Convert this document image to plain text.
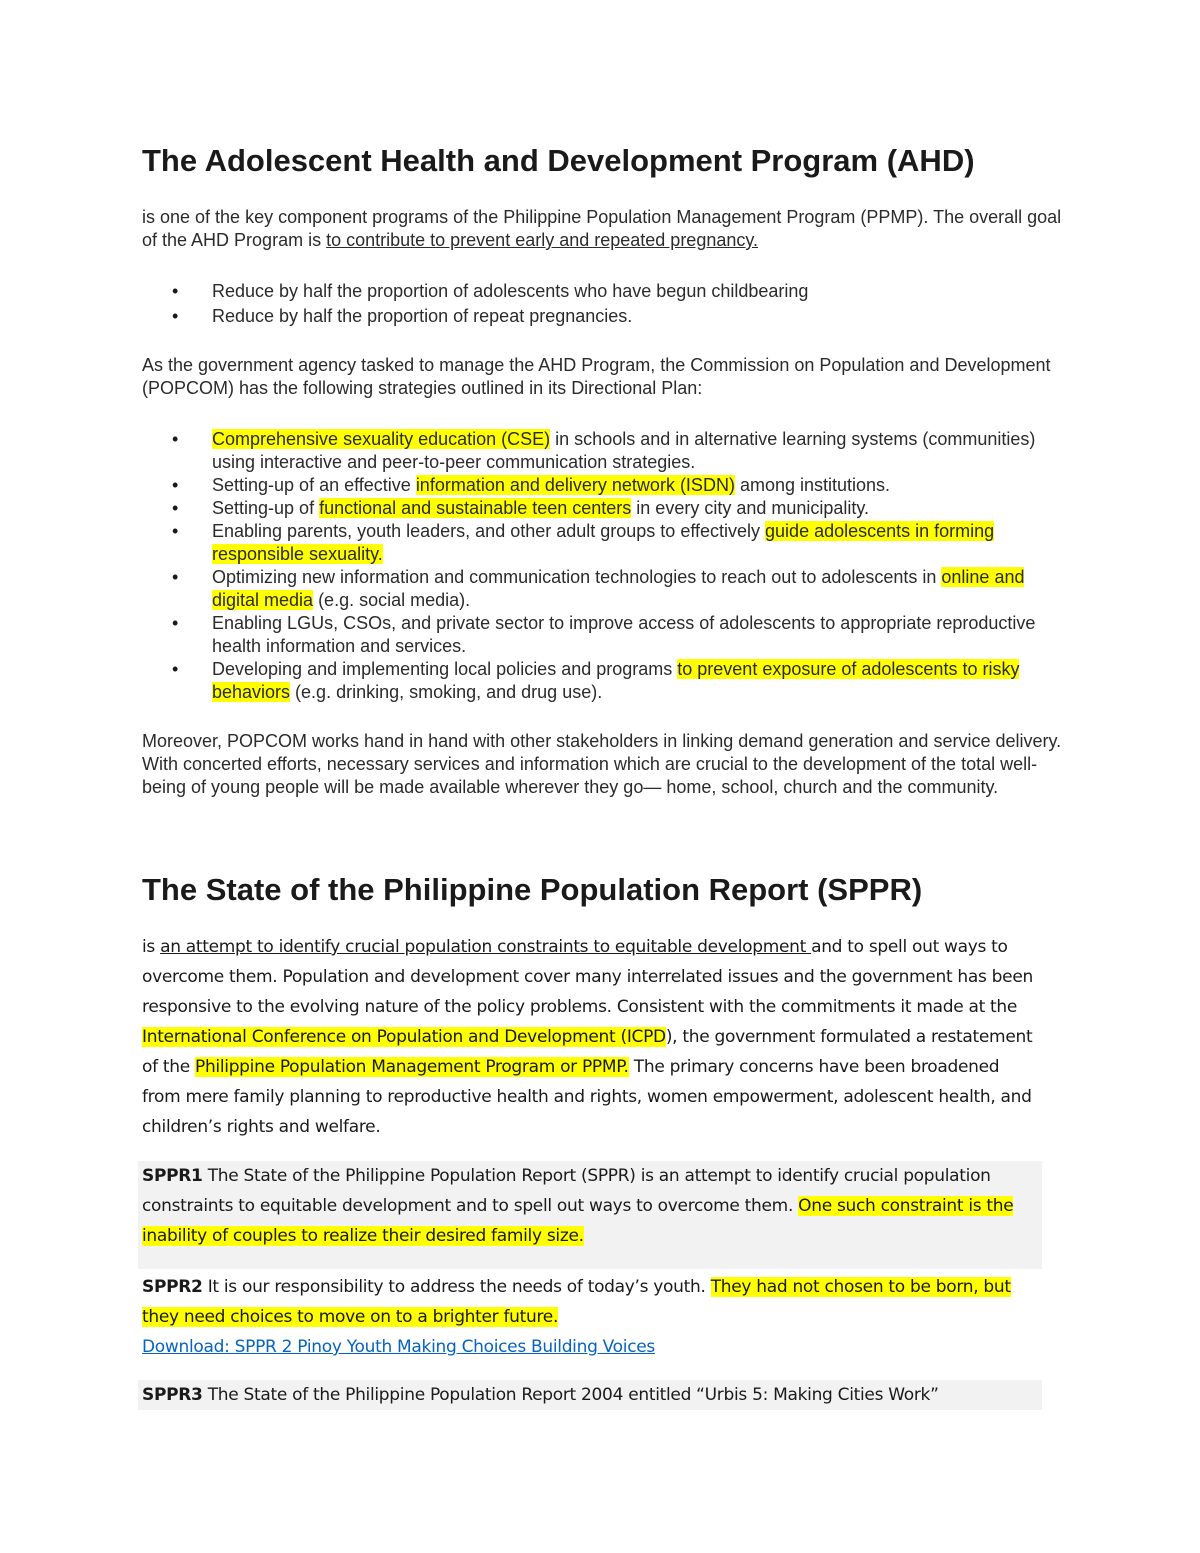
The Adolescent Health and Development Program (AHD)
is one of the key component programs of the Philippine Population Management Program (PPMP). The overall goal of the AHD Program is to contribute to prevent early and repeated pregnancy.
• Reduce by half the proportion of adolescents who have begun childbearing
• Reduce by half the proportion of repeat pregnancies.
As the government agency tasked to manage the AHD Program, the Commission on Population and Development (POPCOM) has the following strategies outlined in its Directional Plan:
• Comprehensive sexuality education (CSE) in schools and in alternative learning systems (communities) using interactive and peer-to-peer communication strategies.
• Setting-up of an effective information and delivery network (ISDN) among institutions.
• Setting-up of functional and sustainable teen centers in every city and municipality.
• Enabling parents, youth leaders, and other adult groups to effectively guide adolescents in forming responsible sexuality.
• Optimizing new information and communication technologies to reach out to adolescents in online and digital media (e.g. social media).
• Enabling LGUs, CSOs, and private sector to improve access of adolescents to appropriate reproductive health information and services.
• Developing and implementing local policies and programs to prevent exposure of adolescents to risky behaviors (e.g. drinking, smoking, and drug use).
Moreover, POPCOM works hand in hand with other stakeholders in linking demand generation and service delivery. With concerted efforts, necessary services and information which are crucial to the development of the total well-being of young people will be made available wherever they go— home, school, church and the community.
The State of the Philippine Population Report (SPPR)
is an attempt to identify crucial population constraints to equitable development and to spell out ways to overcome them. Population and development cover many interrelated issues and the government has been responsive to the evolving nature of the policy problems. Consistent with the commitments it made at the International Conference on Population and Development (ICPD), the government formulated a restatement of the Philippine Population Management Program or PPMP. The primary concerns have been broadened from mere family planning to reproductive health and rights, women empowerment, adolescent health, and children’s rights and welfare.
SPPR1 The State of the Philippine Population Report (SPPR) is an attempt to identify crucial population constraints to equitable development and to spell out ways to overcome them. One such constraint is the inability of couples to realize their desired family size.
SPPR2 It is our responsibility to address the needs of today’s youth. They had not chosen to be born, but they need choices to move on to a brighter future.
Download: SPPR 2 Pinoy Youth Making Choices Building Voices
SPPR3 The State of the Philippine Population Report 2004 entitled “Urbis 5: Making Cities Work”
